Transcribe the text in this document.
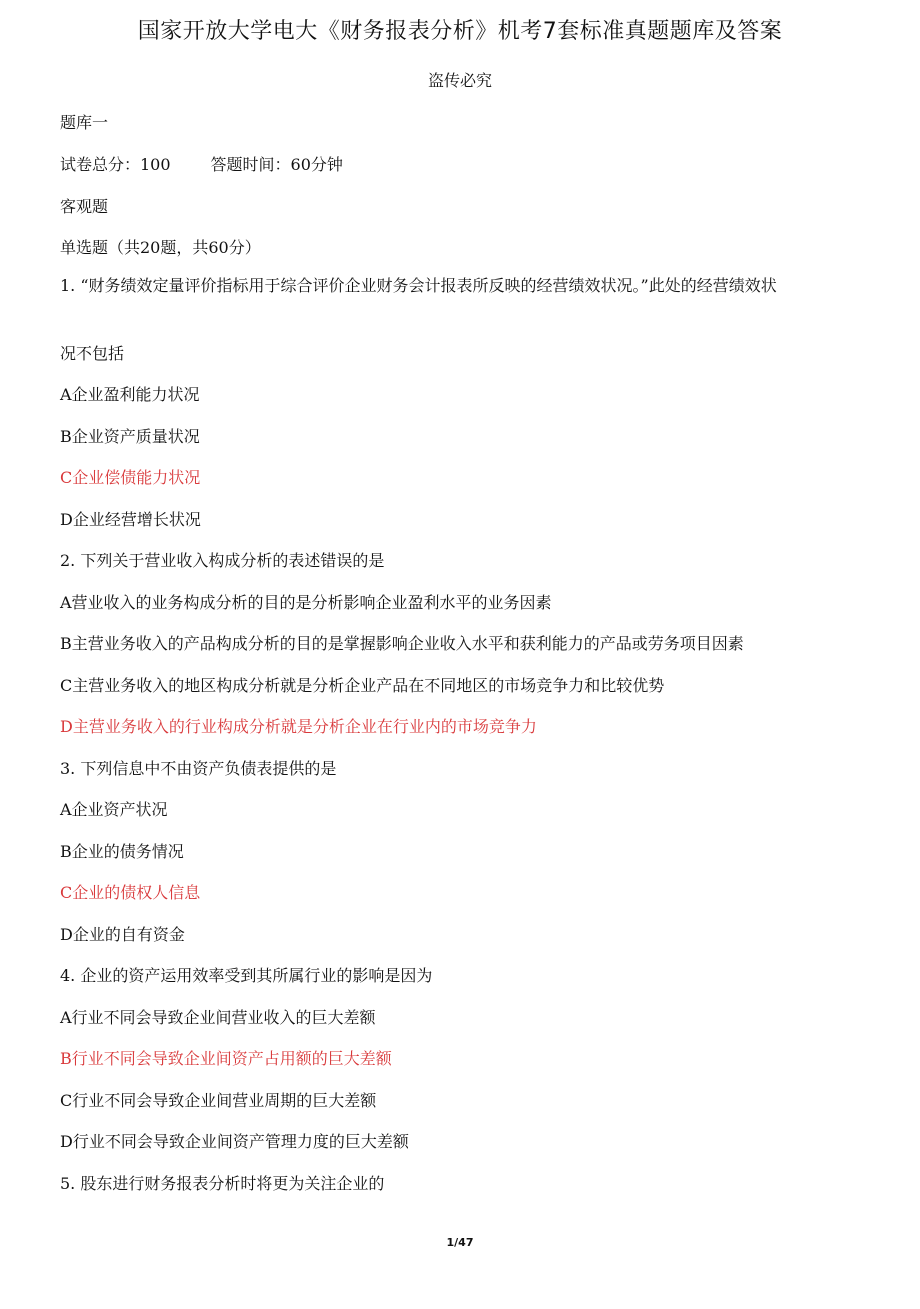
国家开放大学电大《财务报表分析》机考7套标准真题题库及答案
盗传必究
题库一
试卷总分：100	答题时间：60分钟
客观题
单选题（共20题，共60分）
1. “财务绩效定量评价指标用于综合评价企业财务会计报表所反映的经营绩效状况。”此处的经营绩效状
况不包括
A企业盈利能力状况
B企业资产质量状况
C企业偿债能力状况
D企业经营增长状况
2. 下列关于营业收入构成分析的表述错误的是
A营业收入的业务构成分析的目的是分析影响企业盈利水平的业务因素
B主营业务收入的产品构成分析的目的是掌握影响企业收入水平和获利能力的产品或劳务项目因素
C主营业务收入的地区构成分析就是分析企业产品在不同地区的市场竞争力和比较优势
D主营业务收入的行业构成分析就是分析企业在行业内的市场竞争力
3. 下列信息中不由资产负债表提供的是
A企业资产状况
B企业的债务情况
C企业的债权人信息
D企业的自有资金
4. 企业的资产运用效率受到其所属行业的影响是因为
A行业不同会导致企业间营业收入的巨大差额
B行业不同会导致企业间资产占用额的巨大差额
C行业不同会导致企业间营业周期的巨大差额
D行业不同会导致企业间资产管理力度的巨大差额
5. 股东进行财务报表分析时将更为关注企业的
1/47
